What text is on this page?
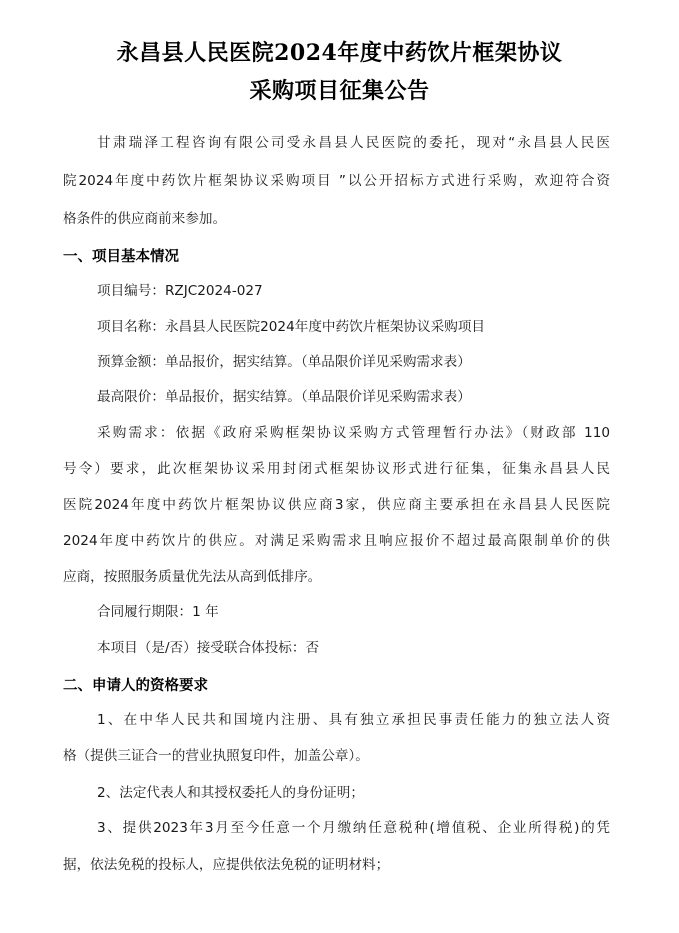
永昌县人民医院2024年度中药饮片框架协议
采购项目征集公告
甘肃瑞泽工程咨询有限公司受永昌县人民医院的委托，现对“永昌县人民医
院2024年度中药饮片框架协议采购项目 ”以公开招标方式进行采购，欢迎符合资
格条件的供应商前来参加。
一、项目基本情况
项目编号：RZJC2024-027
项目名称：永昌县人民医院2024年度中药饮片框架协议采购项目
预算金额：单品报价，据实结算。（单品限价详见采购需求表）
最高限价：单品报价，据实结算。（单品限价详见采购需求表）
采购需求：依据《政府采购框架协议采购方式管理暂行办法》（财政部 110
号令）要求，此次框架协议采用封闭式框架协议形式进行征集，征集永昌县人民
医院2024年度中药饮片框架协议供应商3家，供应商主要承担在永昌县人民医院
2024年度中药饮片的供应。对满足采购需求且响应报价不超过最高限制单价的供
应商，按照服务质量优先法从高到低排序。
合同履行期限：1 年
本项目（是/否）接受联合体投标：否
二、申请人的资格要求
1、在中华人民共和国境内注册、具有独立承担民事责任能力的独立法人资
格（提供三证合一的营业执照复印件，加盖公章）。
2、法定代表人和其授权委托人的身份证明；
3、提供2023年3月至今任意一个月缴纳任意税种(增值税、企业所得税)的凭
据，依法免税的投标人，应提供依法免税的证明材料；
